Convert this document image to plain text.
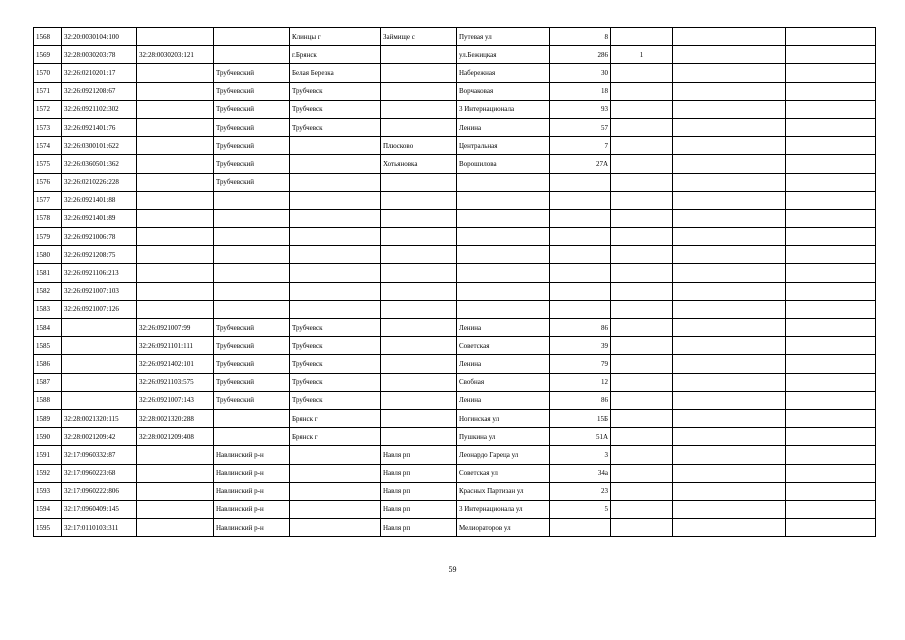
1568	32:20:0030104:100			Клинцы г	Займище с	Путевая ул	8			
1569	32:28:0030203:78	32:28:0030203:121		г.Брянск		ул.Бежицкая	286	1		
1570	32:26:0210201:17		Трубчевский	Белая Березка		Набережная	30			
1571	32:26:0921208:67		Трубчевский	Трубчевск		Ворчаковая	18			
1572	32:26:0921102:302		Трубчевский	Трубчевск		3 Интернационала	93			
1573	32:26:0921401:76		Трубчевский	Трубчевск		Ленина	57			
1574	32:26:0300101:622		Трубчевский		Плюсково	Центральная	7			
1575	32:26:0360501:362		Трубчевский		Хотьяновка	Ворошилова	27А			
1576	32:26:0210226:228		Трубчевский							
1577	32:26:0921401:88									
1578	32:26:0921401:89									
1579	32:26:0921006:78									
1580	32:26:0921208:75									
1581	32:26:0921106:213									
1582	32:26:0921007:103									
1583	32:26:0921007:126									
1584		32:26:0921007:99	Трубчевский	Трубчевск		Ленина	86			
1585		32:26:0921101:111	Трубчевский	Трубчевск		Советская	39			
1586		32:26:0921402:101	Трубчевский	Трубчевск		Ленина	79			
1587		32:26:0921103:575	Трубчевский	Трубчевск		Свобная	12			
1588		32:26:0921007:143	Трубчевский	Трубчевск		Ленина	86			
1589	32:28:0021320:115	32:28:0021320:288		Брянск г		Ногинская ул	15Б			
1590	32:28:0021209:42	32:28:0021209:408		Брянск г		Пушкина ул	51А			
1591	32:17:0960332:87		Навлинский р-н		Навля рп	Леонардо Гареца ул	3			
1592	32:17:0960223:68		Навлинский р-н		Навля рп	Советская ул	34а			
1593	32:17:0960222:806		Навлинский р-н		Навля рп	Красных Партизан ул	23			
1594	32:17:0960409:145		Навлинский р-н		Навля рп	3 Интернационала ул	5			
1595	32:17:0110103:311		Навлинский р-н		Навля рп	Мелиораторов ул				
59
